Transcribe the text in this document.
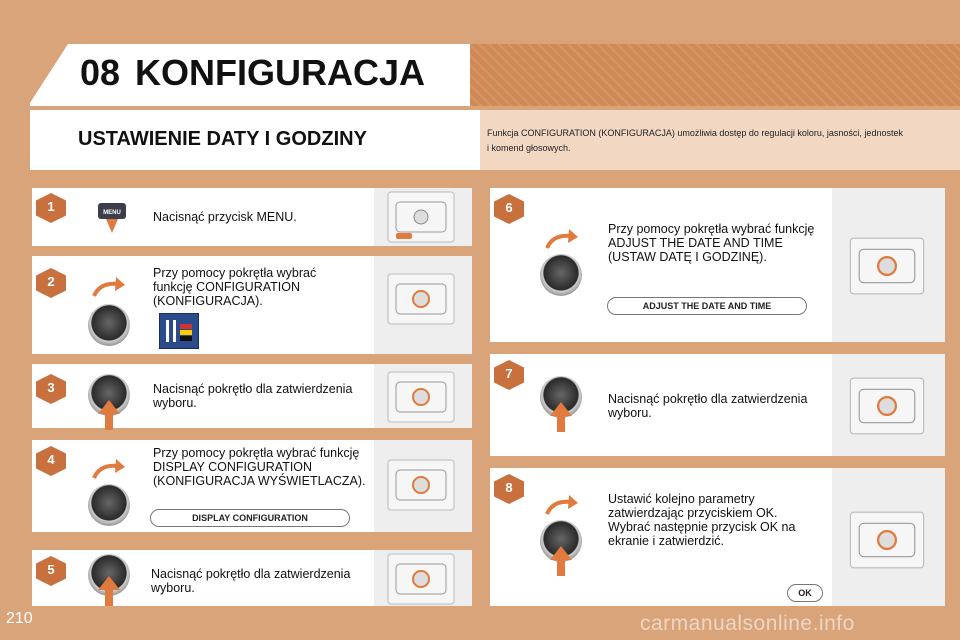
08 KONFIGURACJA
USTAWIENIE DATY I GODZINY	Funkcja CONFIGURATION (KONFIGURACJA) umożliwia dostęp do regulacji koloru, jasności, jednostek i komend głosowych.
1	MENU	Nacisnąć przycisk MENU.
2
Przy pomocy pokrętła wybrać funkcję CONFIGURATION (KONFIGURACJA).
3	Nacisnąć pokrętło dla zatwierdzenia wyboru.
4	Przy pomocy pokrętła wybrać funkcję DISPLAY CONFIGURATION (KONFIGURACJA WYŚWIETLACZA).
DISPLAY CONFIGURATION
5	Nacisnąć pokrętło dla zatwierdzenia wyboru.
6
Przy pomocy pokrętła wybrać funkcję ADJUST THE DATE AND TIME (USTAW DATĘ I GODZINĘ).
ADJUST THE DATE AND TIME
7
Nacisnąć pokrętło dla zatwierdzenia wyboru.
8
Ustawić kolejno parametry zatwierdzając przyciskiem OK. Wybrać następnie przycisk OK na ekranie i zatwierdzić.
OK
210	carmanualsonline.info
